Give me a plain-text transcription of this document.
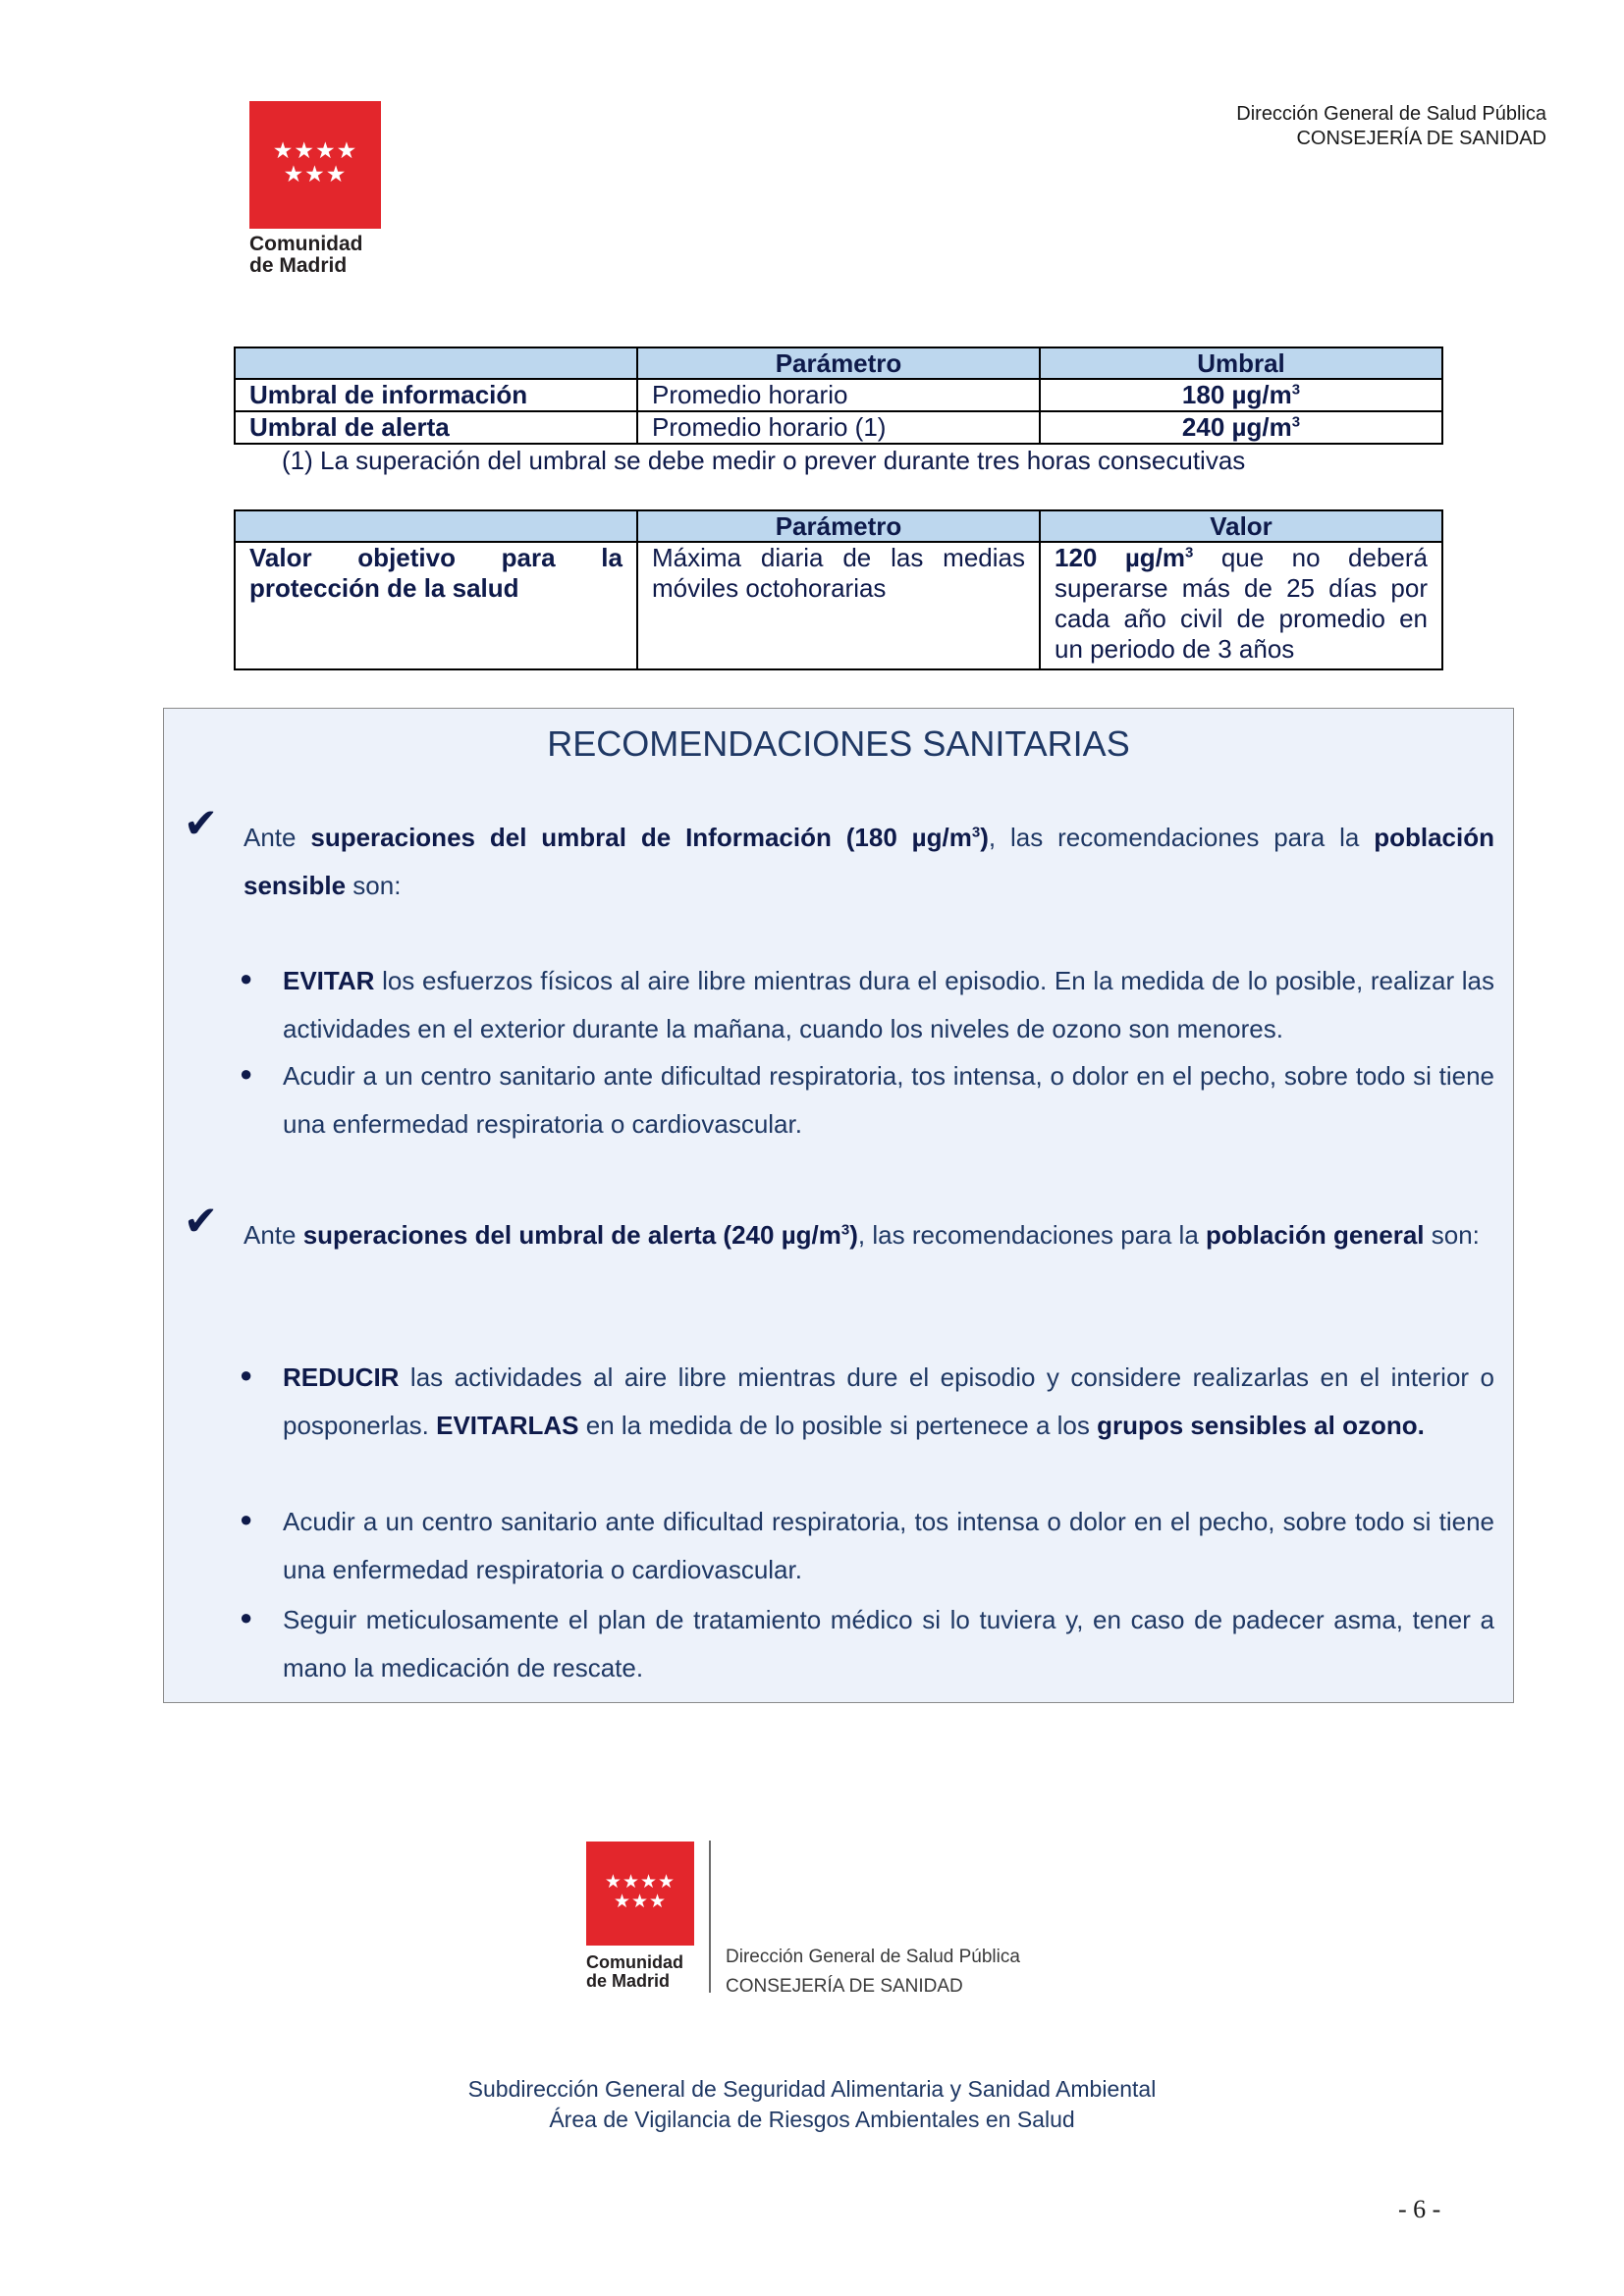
★★★★
★★★
Comunidad
de Madrid
Dirección General de Salud Pública
CONSEJERÍA DE SANIDAD
	Parámetro	Umbral
Umbral de información	Promedio horario	180 $\mu g/m^3$
Umbral de alerta	Promedio horario (1)	240 $\mu g/m^3$
(1) La superación del umbral se debe medir o prever durante tres horas consecutivas
	Parámetro	Valor
Valor objetivo para la protección de la salud	Máxima diaria de las medias móviles octohorarias	120 $\mu g/m^3$ que no deberá superarse más de 25 días por cada año civil de promedio en un periodo de 3 años
RECOMENDACIONES SANITARIAS
✔ Ante superaciones del umbral de Información (180 $\mu g/m^3$), las recomendaciones para la población sensible son:
● EVITAR los esfuerzos físicos al aire libre mientras dura el episodio. En la medida de lo posible, realizar las actividades en el exterior durante la mañana, cuando los niveles de ozono son menores.
● Acudir a un centro sanitario ante dificultad respiratoria, tos intensa, o dolor en el pecho, sobre todo si tiene una enfermedad respiratoria o cardiovascular.
✔ Ante superaciones del umbral de alerta (240 $\mu g/m^3$), las recomendaciones para la población general son:
● REDUCIR las actividades al aire libre mientras dure el episodio y considere realizarlas en el interior o posponerlas. EVITARLAS en la medida de lo posible si pertenece a los grupos sensibles al ozono.
● Acudir a un centro sanitario ante dificultad respiratoria, tos intensa o dolor en el pecho, sobre todo si tiene una enfermedad respiratoria o cardiovascular.
● Seguir meticulosamente el plan de tratamiento médico si lo tuviera y, en caso de padecer asma, tener a mano la medicación de rescate.
★★★★
★★★
Comunidad
de Madrid
Dirección General de Salud Pública
CONSEJERÍA DE SANIDAD
Subdirección General de Seguridad Alimentaria y Sanidad Ambiental
Área de Vigilancia de Riesgos Ambientales en Salud
- 6 -
